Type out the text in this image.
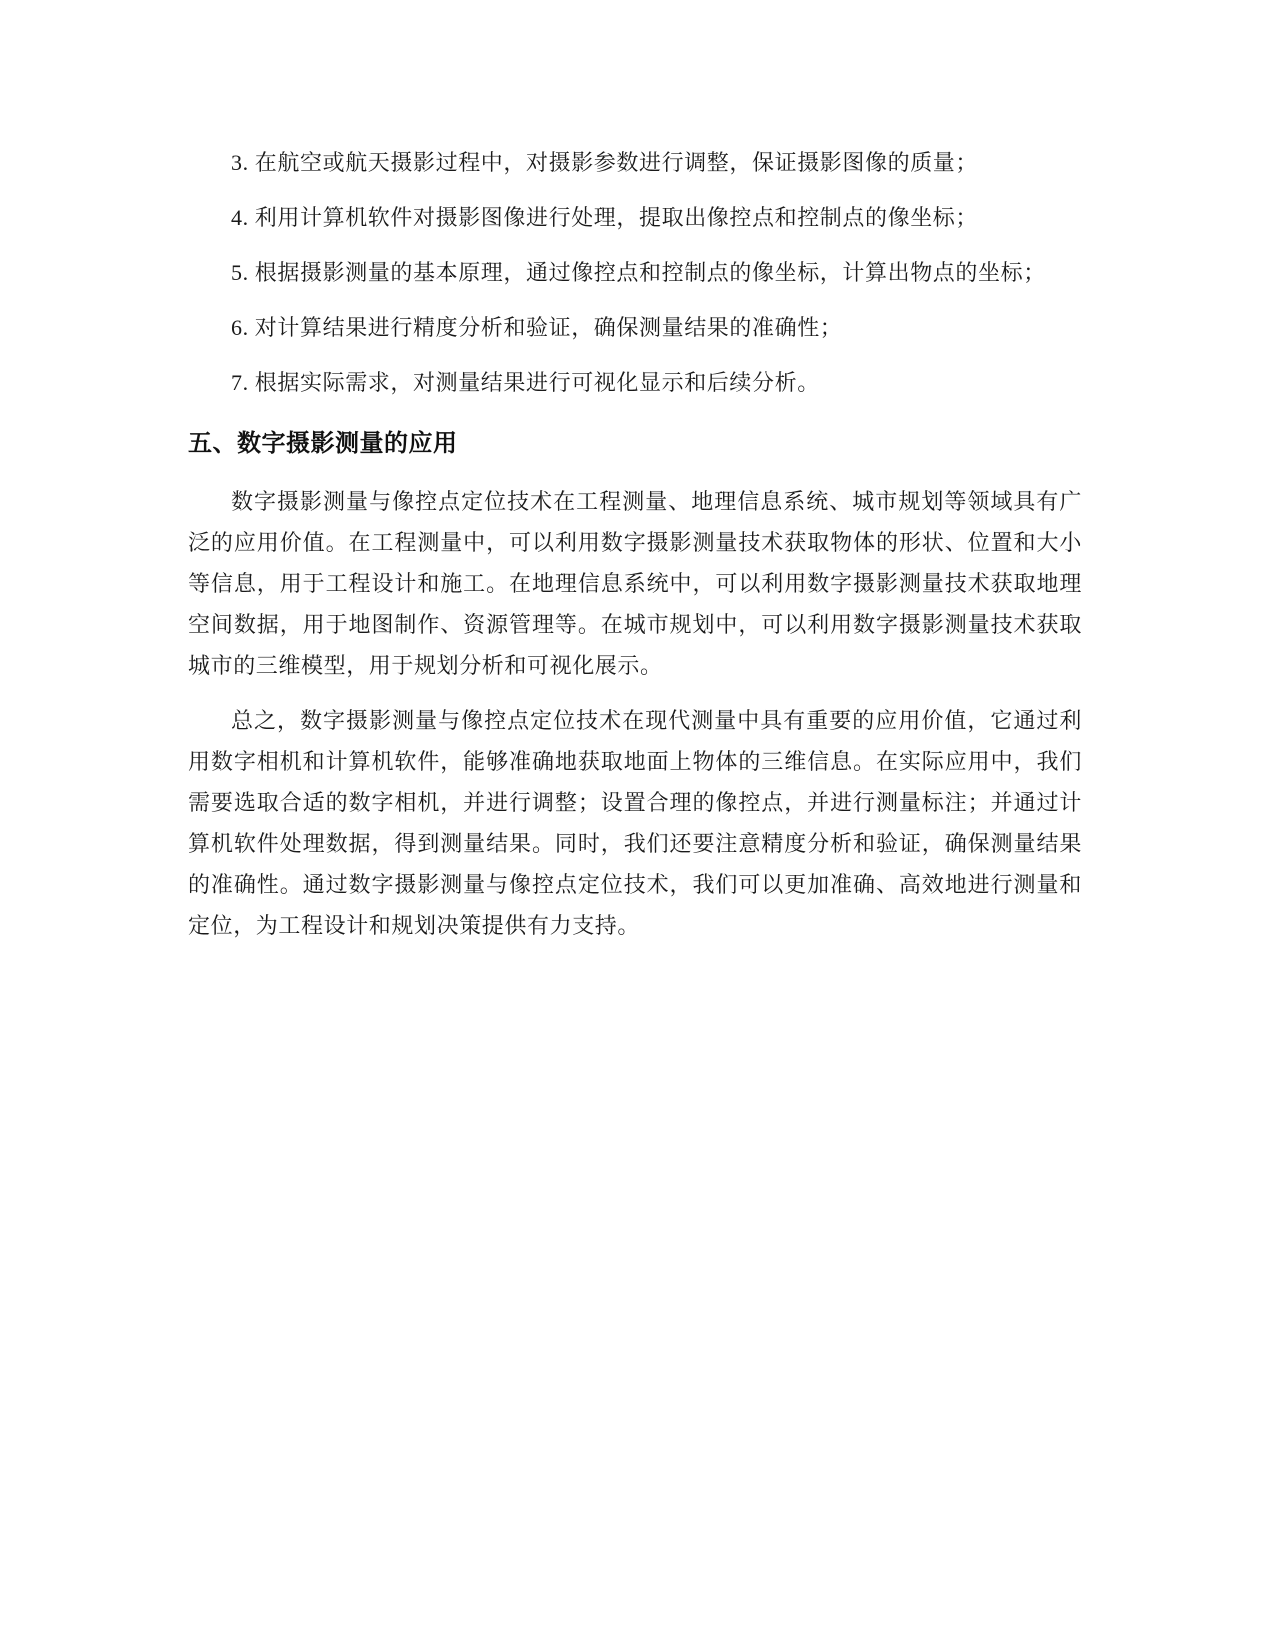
3. 在航空或航天摄影过程中，对摄影参数进行调整，保证摄影图像的质量；

4. 利用计算机软件对摄影图像进行处理，提取出像控点和控制点的像坐标；

5. 根据摄影测量的基本原理，通过像控点和控制点的像坐标，计算出物点的坐标；

6. 对计算结果进行精度分析和验证，确保测量结果的准确性；

7. 根据实际需求，对测量结果进行可视化显示和后续分析。

五、数字摄影测量的应用

数字摄影测量与像控点定位技术在工程测量、地理信息系统、城市规划等领域具有广泛的应用价值。在工程测量中，可以利用数字摄影测量技术获取物体的形状、位置和大小等信息，用于工程设计和施工。在地理信息系统中，可以利用数字摄影测量技术获取地理空间数据，用于地图制作、资源管理等。在城市规划中，可以利用数字摄影测量技术获取城市的三维模型，用于规划分析和可视化展示。

总之，数字摄影测量与像控点定位技术在现代测量中具有重要的应用价值，它通过利用数字相机和计算机软件，能够准确地获取地面上物体的三维信息。在实际应用中，我们需要选取合适的数字相机，并进行调整；设置合理的像控点，并进行测量标注；并通过计算机软件处理数据，得到测量结果。同时，我们还要注意精度分析和验证，确保测量结果的准确性。通过数字摄影测量与像控点定位技术，我们可以更加准确、高效地进行测量和定位，为工程设计和规划决策提供有力支持。
